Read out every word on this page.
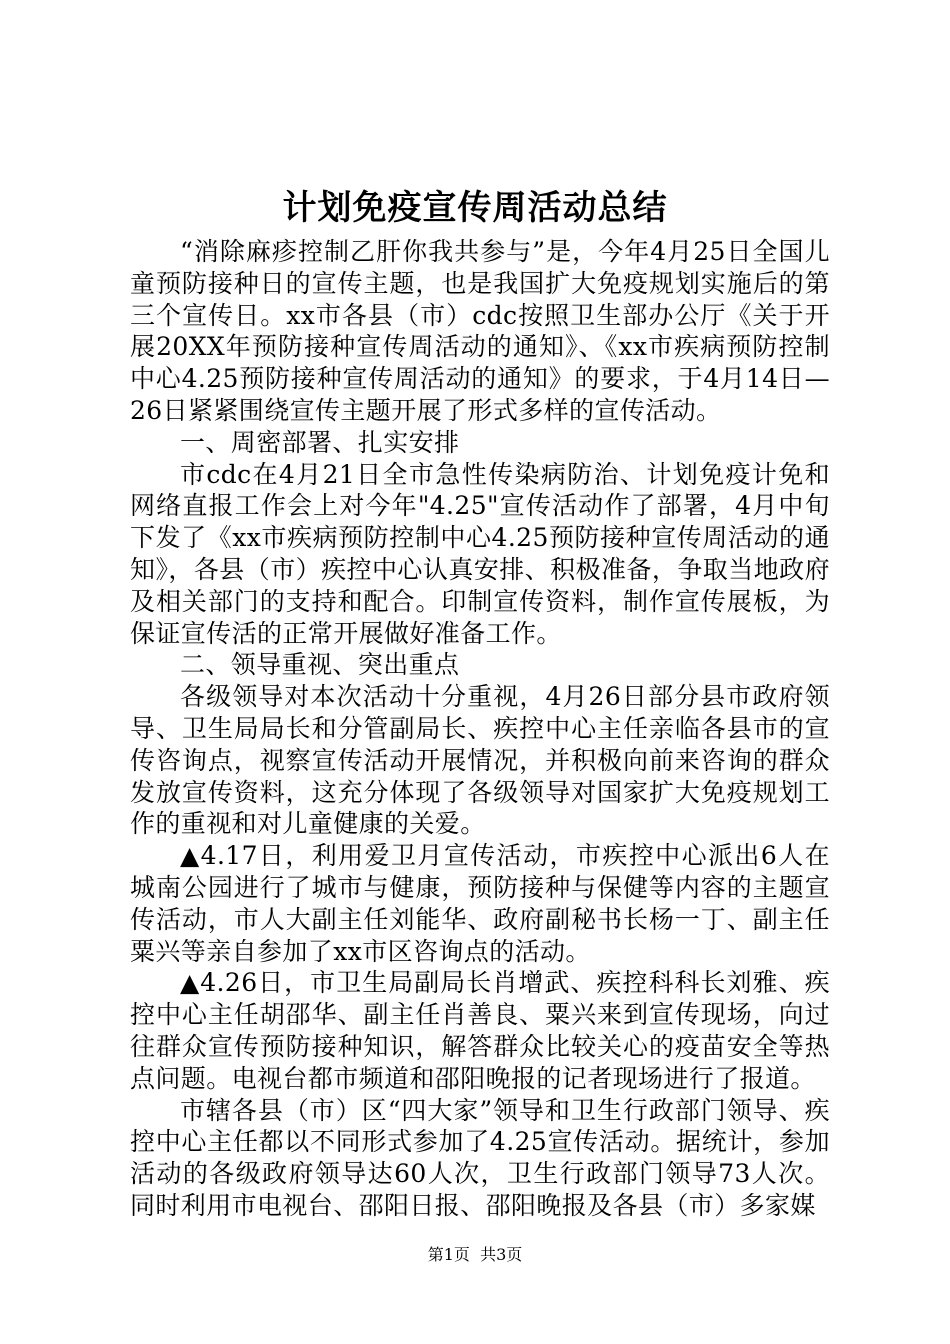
计划免疫宣传周活动总结

“消除麻疹控制乙肝你我共参与”是，今年4月25日全国儿童预防接种日的宣传主题，也是我国扩大免疫规划实施后的第三个宣传日。xx市各县（市）cdc按照卫生部办公厅《关于开展20XX年预防接种宣传周活动的通知》、《xx市疾病预防控制中心4.25预防接种宣传周活动的通知》的要求，于4月14日—26日紧紧围绕宣传主题开展了形式多样的宣传活动。

一、周密部署、扎实安排

市cdc在4月21日全市急性传染病防治、计划免疫计免和网络直报工作会上对今年"4.25"宣传活动作了部署，4月中旬下发了《xx市疾病预防控制中心4.25预防接种宣传周活动的通知》，各县（市）疾控中心认真安排、积极准备，争取当地政府及相关部门的支持和配合。印制宣传资料，制作宣传展板，为保证宣传活的正常开展做好准备工作。

二、领导重视、突出重点

各级领导对本次活动十分重视，4月26日部分县市政府领导、卫生局局长和分管副局长、疾控中心主任亲临各县市的宣传咨询点，视察宣传活动开展情况，并积极向前来咨询的群众发放宣传资料，这充分体现了各级领导对国家扩大免疫规划工作的重视和对儿童健康的关爱。

▲4.17日，利用爱卫月宣传活动，市疾控中心派出6人在城南公园进行了城市与健康，预防接种与保健等内容的主题宣传活动，市人大副主任刘能华、政府副秘书长杨一丁、副主任粟兴等亲自参加了xx市区咨询点的活动。

▲4.26日，市卫生局副局长肖增武、疾控科科长刘雅、疾控中心主任胡邵华、副主任肖善良、粟兴来到宣传现场，向过往群众宣传预防接种知识，解答群众比较关心的疫苗安全等热点问题。电视台都市频道和邵阳晚报的记者现场进行了报道。

市辖各县（市）区“四大家”领导和卫生行政部门领导、疾控中心主任都以不同形式参加了4.25宣传活动。据统计，参加活动的各级政府领导达60人次，卫生行政部门领导73人次。同时利用市电视台、邵阳日报、邵阳晚报及各县（市）多家媒

第1页  共3页
